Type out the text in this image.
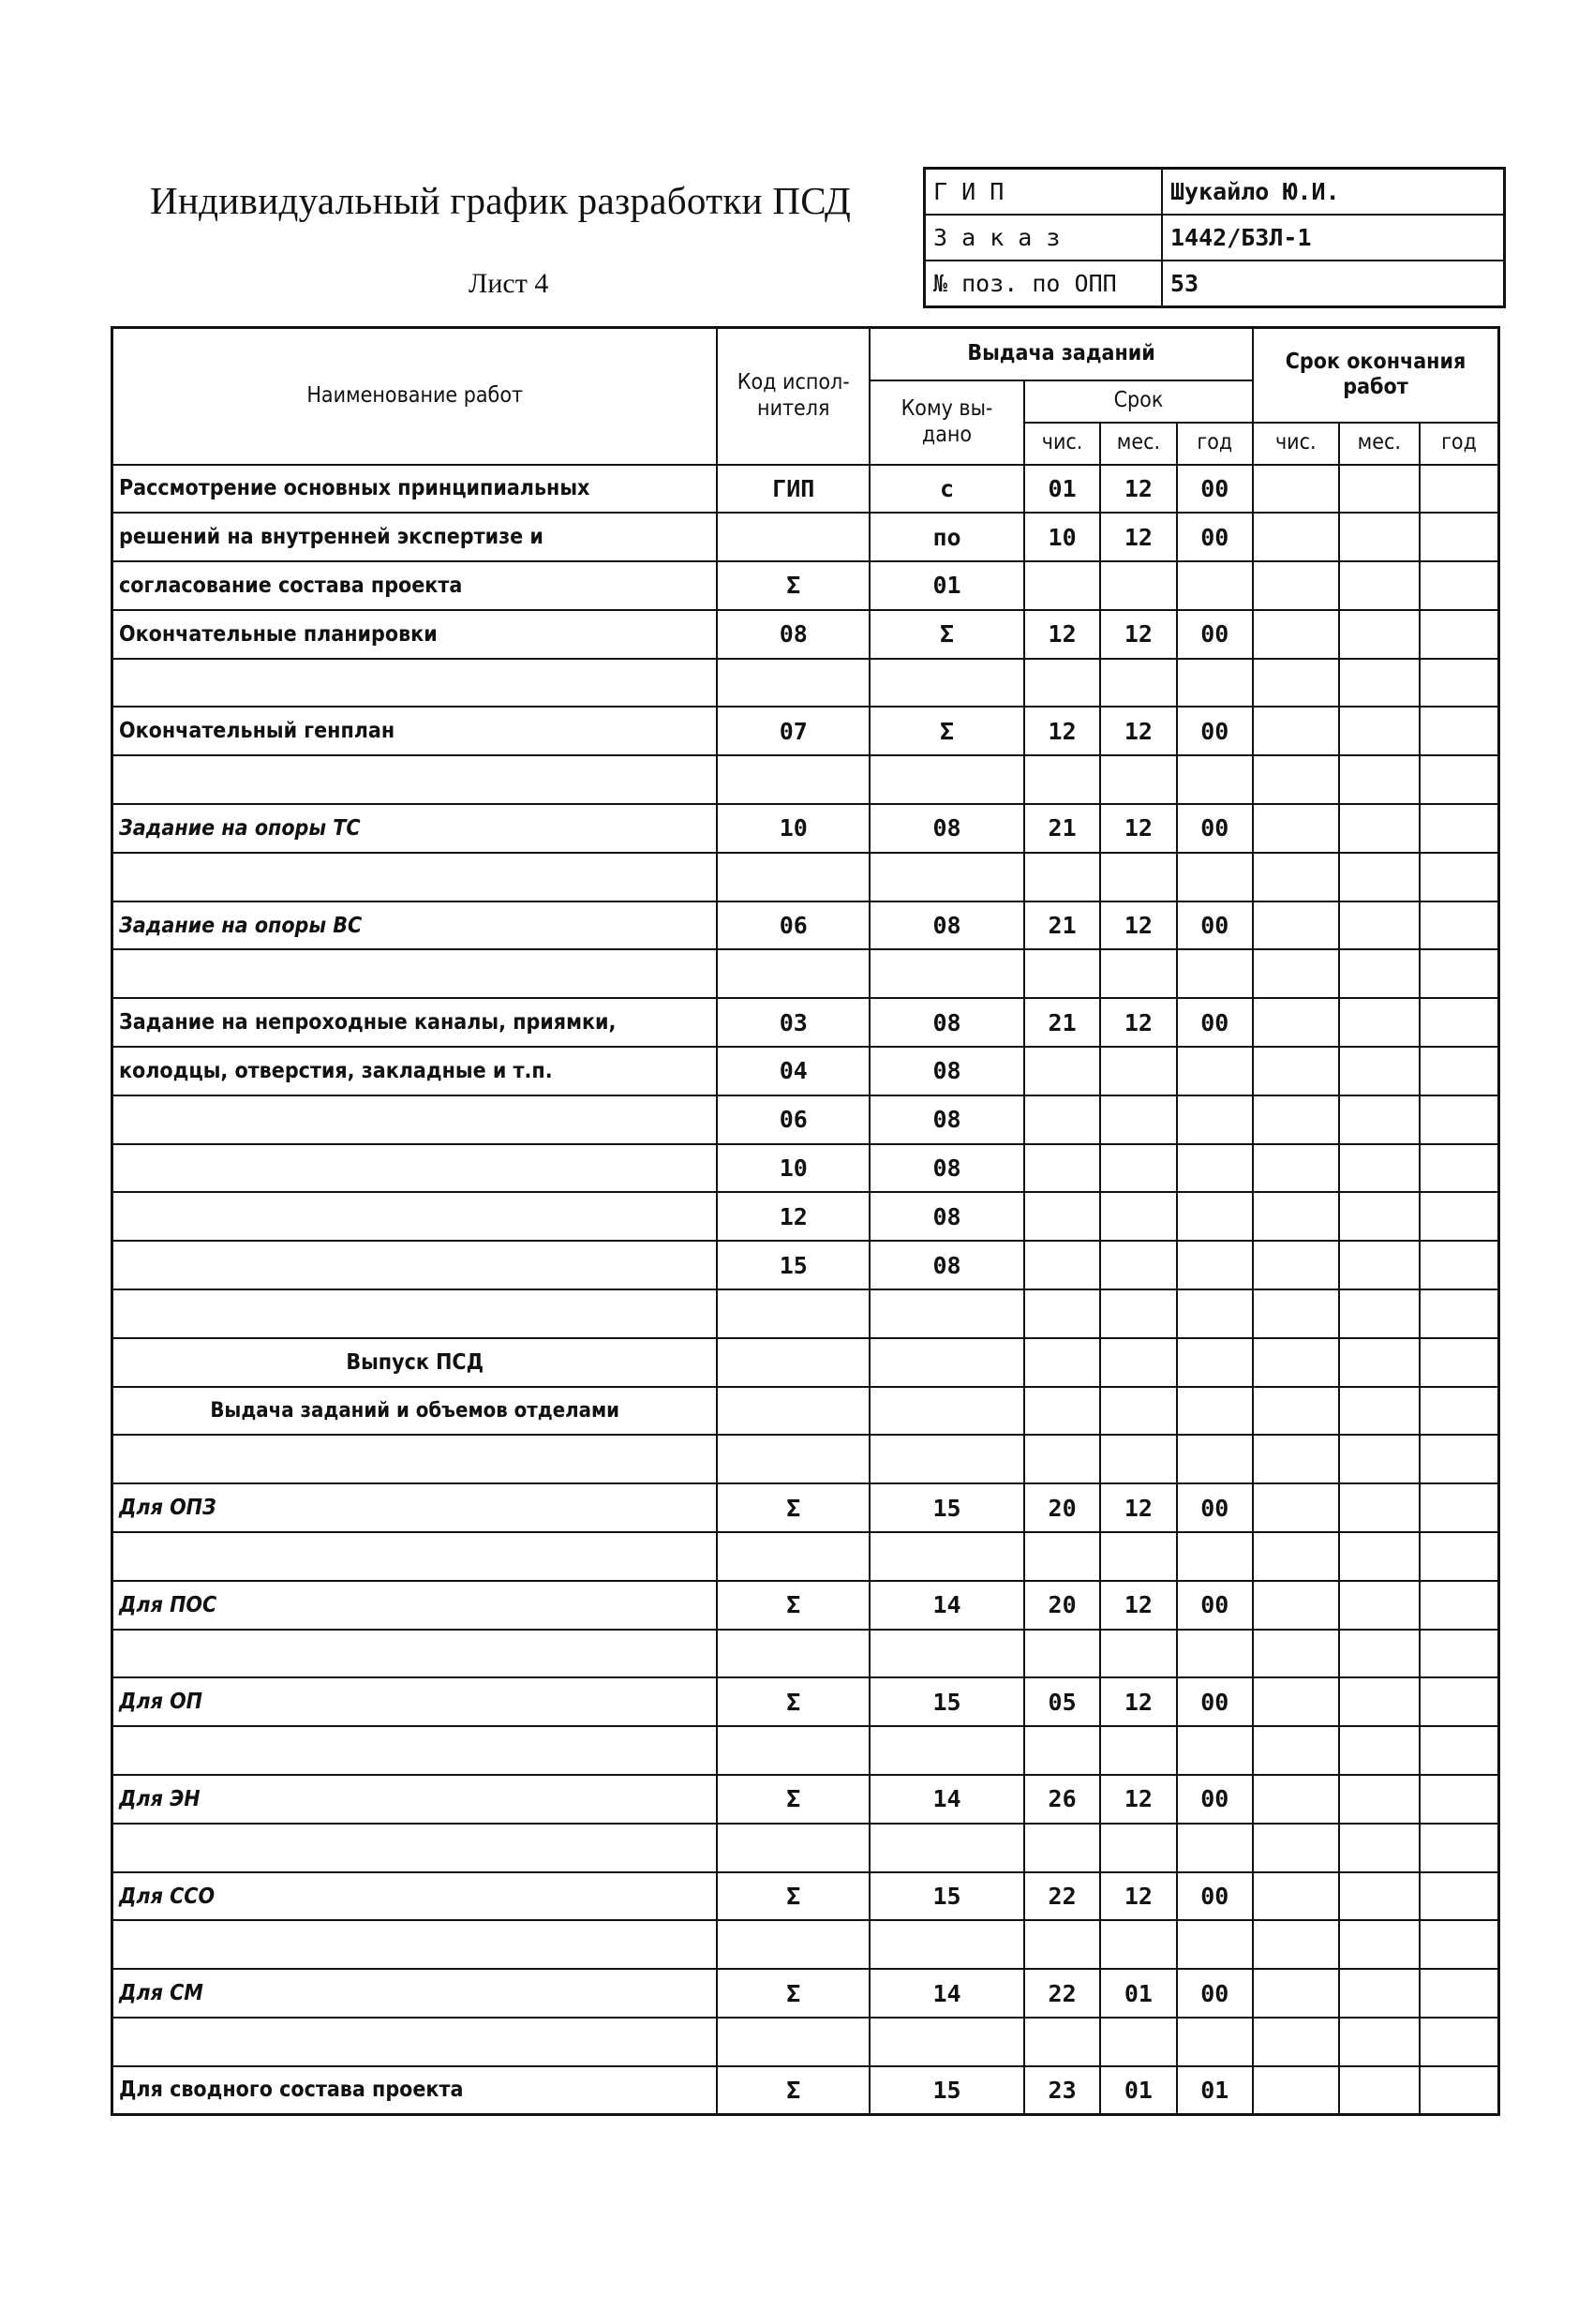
Индивидуальный график разработки ПСД
Лист 4
Г И П	Шукайло Ю.И.
З а к а з	1442/БЗЛ-1
№ поз. по ОПП	53
Наименование работ	Код испол- нителя	Выдача заданий				Срок окончания работ		
		Кому вы- дано	Срок					
			чис.	мес.	год	чис.	мес.	год
Рассмотрение основных принципиальных	ГИП	с	01	12	00			
решений на внутренней экспертизе и		по	10	12	00			
согласование состава проекта	Σ	01						
Окончательные планировки	08	Σ	12	12	00			

Окончательный генплан	07	Σ	12	12	00			

Задание на опоры ТС	10	08	21	12	00			

Задание на опоры ВС	06	08	21	12	00			

Задание на непроходные каналы, приямки,	03	08	21	12	00			
колодцы, отверстия, закладные и т.п.	04	08						
	06	08						
	10	08						
	12	08						
	15	08						

Выпуск ПСД								
Выдача заданий и объемов отделами								

Для ОПЗ	Σ	15	20	12	00			

Для ПОС	Σ	14	20	12	00			

Для ОП	Σ	15	05	12	00			

Для ЭН	Σ	14	26	12	00			

Для ССО	Σ	15	22	12	00			

Для СМ	Σ	14	22	01	00			

Для сводного состава проекта	Σ	15	23	01	01			
